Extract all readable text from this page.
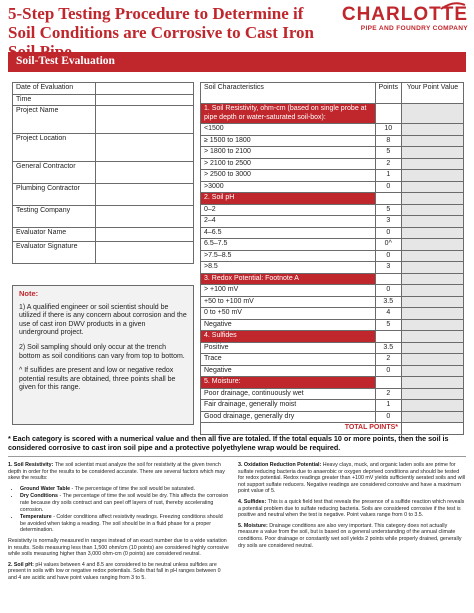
5-Step Testing Procedure to Determine if
Soil Conditions are Corrosive to Cast Iron
CHARLOTTE
PIPE AND FOUNDRY COMPANY
Soil-Test Evaluation
Date of Evaluation	
Time	
Project Name	
Project Location	
General Contractor	
Plumbing Contractor	
Testing Company	
Evaluator Name	
Evaluator Signature	
Note:

1) A qualified engineer or soil scientist should be utilized if there is any concern about corrosion and the use of cast iron DWV products in a given underground project.

2) Soil sampling should only occur at the trench bottom as soil conditions can vary from top to bottom.

^ If sulfides are present and low or negative redox potential results are obtained, three points shall be given for this range.

Soil Characteristics	Points	Your Point Value
1. Soil Resistivity, ohm-cm (based on single probe at pipe depth or water-saturated soil-box):		
<1500	10	
≥ 1500 to 1800	8	
> 1800 to 2100	5	
> 2100 to 2500	2	
> 2500 to 3000	1	
>3000	0	
2. Soil pH		
0–2	5	
2–4	3	
4–6.5	0	
6.5–7.5	0^	
>7.5–8.5	0	
>8.5	3	
3. Redox Potential: Footnote A		
> +100 mV	0	
+50 to +100 mV	3.5	
0 to +50 mV	4	
Negative	5	
4. Sulfides		
Positive	3.5	
Trace	2	
Negative	0	
5. Moisture:		
Poor drainage, continuously wet	2	
Fair drainage, generally moist	1	
Good drainage, generally dry	0	
TOTAL POINTS*		
* Each category is scored with a numerical value and then all five are totaled. If the total equals 10 or more points, then the soil is considered corrosive to cast iron soil pipe and a protective polyethylene wrap would be required.

1. Soil Resistivity: The soil scientist must analyze the soil for resistivity at the given trench depth in order for the results to be considered accurate. There are several factors which may skew the results:

• Ground Water Table - The percentage of time the soil would be saturated.
• Dry Conditions - The percentage of time the soil would be dry. This affects the corrosion rate because dry soils contract and can peel off layers of rust, thereby accelerating corrosion.
• Temperature - Colder conditions affect resistivity readings. Freezing conditions should be avoided when taking a reading. The soil should be in a fluid phase for a proper determination.

Resistivity is normally measured in ranges instead of an exact number due to a wide variation in results. Soils measuring less than 1,500 ohm/cm (10 points) are considered highly corrosive while soils measuring higher than 3,000 ohm-cm (0 points) are considered neutral.

2. Soil pH: pH values between 4 and 8.5 are considered to be neutral unless sulfides are present in soils with low or negative redox potentials. Soils that fall in pH ranges between 0 and 4 are acidic and have point values ranging from 3 to 5.

3. Oxidation Reduction Potential: Heavy clays, muck, and organic laden soils are prime for sulfate reducing bacteria due to anaerobic or oxygen deprived conditions and should be tested for redox potential. Redox readings greater than +100 mV yields sufficiently aerated soils and will not support sulfate reducers. Negative readings are considered corrosive and have a maximum point value of 5.

4. Sulfides: This is a quick field test that reveals the presence of a sulfide reaction which reveals a potential problem due to sulfate reducing bacteria. Soils are considered corrosive if the test is positive and neutral when the test is negative. Point values range from 0 to 3.5.

5. Moisture: Drainage conditions are also very important. This category does not actually measure a value from the soil, but is based on a general understanding of the annual climate conditions. Poor drainage or constantly wet soil yields 2 points while properly drained, generally dry soils are considered neutral.
